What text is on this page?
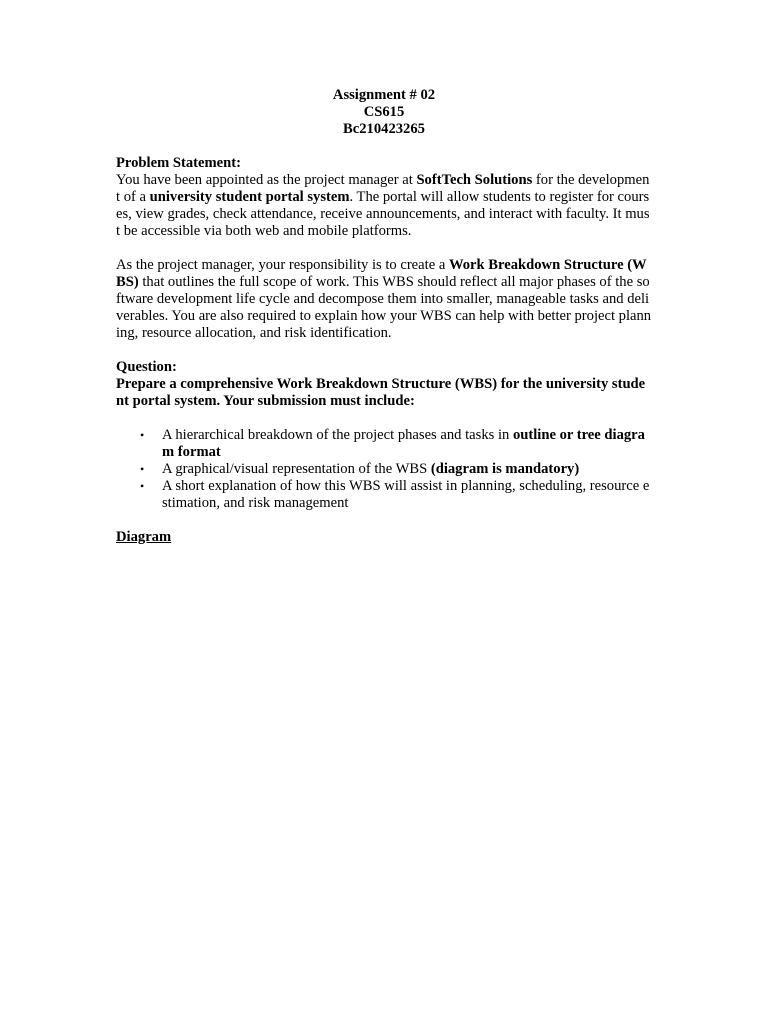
Assignment # 02
CS615
Bc210423265
Problem Statement:

You have been appointed as the project manager at SoftTech Solutions for the development of a university student portal system. The portal will allow students to register for courses, view grades, check attendance, receive announcements, and interact with faculty. It must be accessible via both web and mobile platforms.

As the project manager, your responsibility is to create a Work Breakdown Structure (WBS) that outlines the full scope of work. This WBS should reflect all major phases of the software development life cycle and decompose them into smaller, manageable tasks and deliverables. You are also required to explain how your WBS can help with better project planning, resource allocation, and risk identification.

Question:

Prepare a comprehensive Work Breakdown Structure (WBS) for the university student portal system. Your submission must include:

• A hierarchical breakdown of the project phases and tasks in outline or tree diagram format
• A graphical/visual representation of the WBS (diagram is mandatory)
• A short explanation of how this WBS will assist in planning, scheduling, resource estimation, and risk management
Diagram
